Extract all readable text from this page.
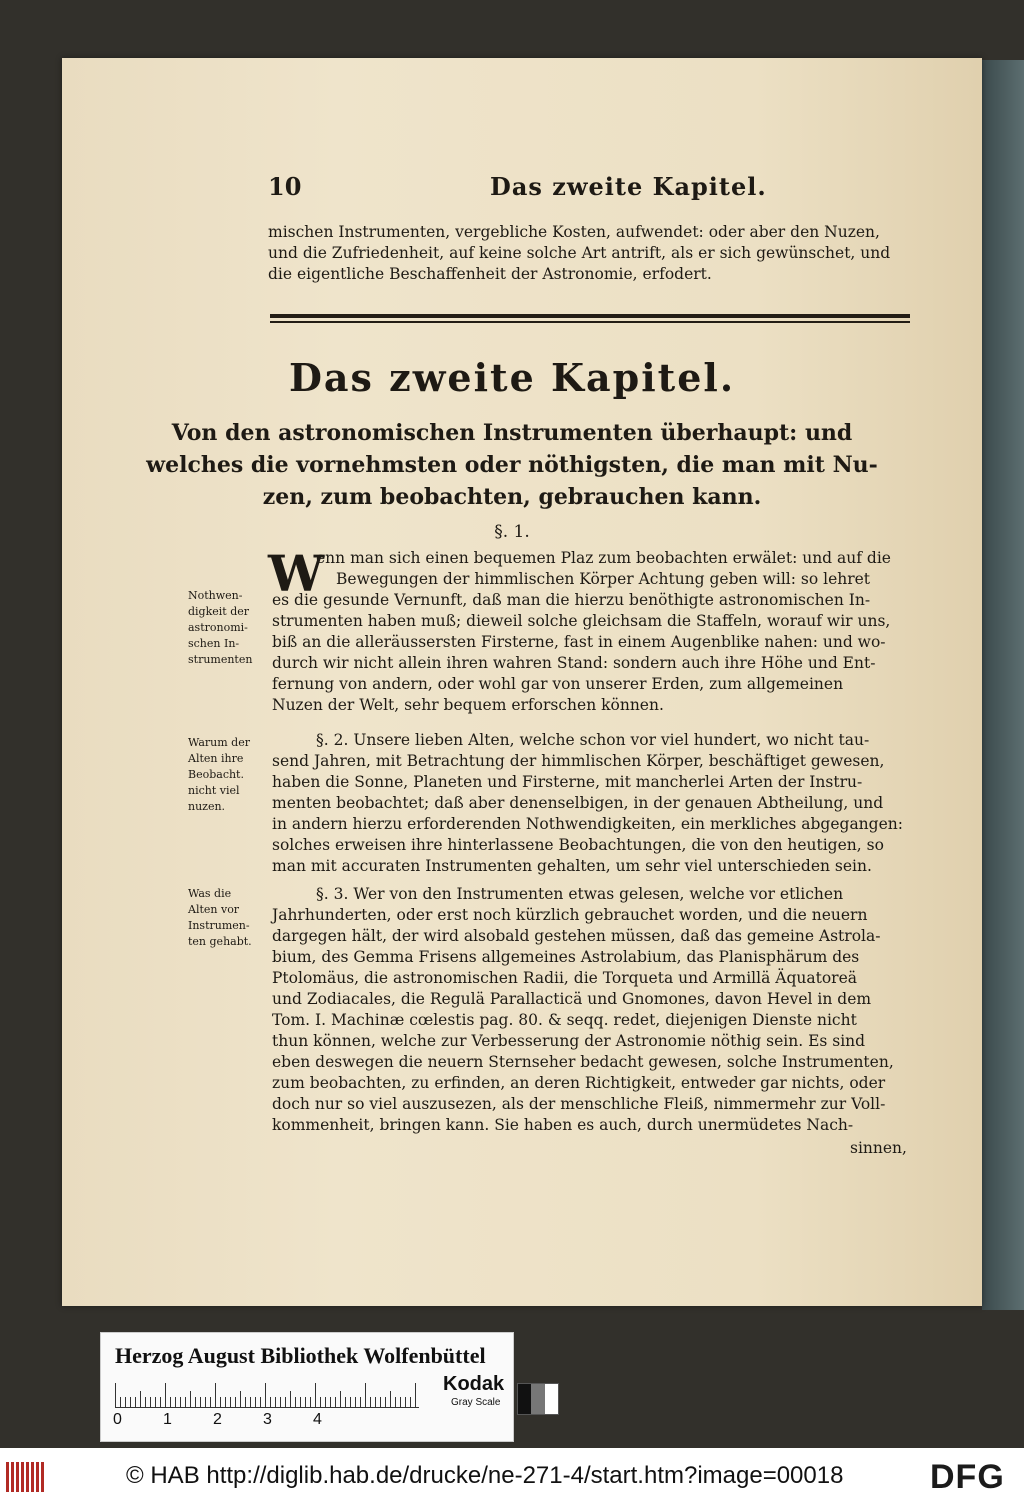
10	Das zweite Kapitel.
mischen Instrumenten, vergebliche Kosten, aufwendet: oder aber den Nuzen,
und die Zufriedenheit, auf keine solche Art antrift, als er sich gewünschet, und
die eigentliche Beschaffenheit der Astronomie, erfodert.
Das zweite Kapitel.
Von den astronomischen Instrumenten überhaupt: und
welches die vornehmsten oder nöthigsten, die man mit Nu-
zen, zum beobachten, gebrauchen kann.
§. 1.
W
enn man sich einen bequemen Plaz zum beobachten erwälet: und auf die
Bewegungen der himmlischen Körper Achtung geben will: so lehret
es die gesunde Vernunft, daß man die hierzu benöthigte astronomischen In-
strumenten haben muß; dieweil solche gleichsam die Staffeln, worauf wir uns,
biß an die alleräussersten Firsterne, fast in einem Augenblike nahen: und wo-
durch wir nicht allein ihren wahren Stand: sondern auch ihre Höhe und Ent-
fernung von andern, oder wohl gar von unserer Erden, zum allgemeinen
Nuzen der Welt, sehr bequem erforschen können.
Nothwen-
digkeit der
astronomi-
schen In-
strumenten
§. 2. Unsere lieben Alten, welche schon vor viel hundert, wo nicht tau-
send Jahren, mit Betrachtung der himmlischen Körper, beschäftiget gewesen,
haben die Sonne, Planeten und Firsterne, mit mancherlei Arten der Instru-
menten beobachtet; daß aber denenselbigen, in der genauen Abtheilung, und
in andern hierzu erforderenden Nothwendigkeiten, ein merkliches abgegangen:
solches erweisen ihre hinterlassene Beobachtungen, die von den heutigen, so
man mit accuraten Instrumenten gehalten, um sehr viel unterschieden sein.
Warum der
Alten ihre
Beobacht.
nicht viel
nuzen.
§. 3. Wer von den Instrumenten etwas gelesen, welche vor etlichen
Jahrhunderten, oder erst noch kürzlich gebrauchet worden, und die neuern
dargegen hält, der wird alsobald gestehen müssen, daß das gemeine Astrola-
bium, des Gemma Frisens allgemeines Astrolabium, das Planisphärum des
Ptolomäus, die astronomischen Radii, die Torqueta und Armillä Äquatoreä
und Zodiacales, die Regulä Parallacticä und Gnomones, davon Hevel in dem
Tom. I. Machinæ cœlestis pag. 80. & seqq. redet, diejenigen Dienste nicht
thun können, welche zur Verbesserung der Astronomie nöthig sein. Es sind
eben deswegen die neuern Sternseher bedacht gewesen, solche Instrumenten,
zum beobachten, zu erfinden, an deren Richtigkeit, entweder gar nichts, oder
doch nur so viel auszusezen, als der menschliche Fleiß, nimmermehr zur Voll-
kommenheit, bringen kann. Sie haben es auch, durch unermüdetes Nach-
sinnen,
Was die
Alten vor
Instrumen-
ten gehabt.
Herzog August Bibliothek Wolfenbüttel
0	1	2	3	4
Kodak
Gray Scale
© HAB http://diglib.hab.de/drucke/ne-271-4/start.htm?image=00018	DFG
